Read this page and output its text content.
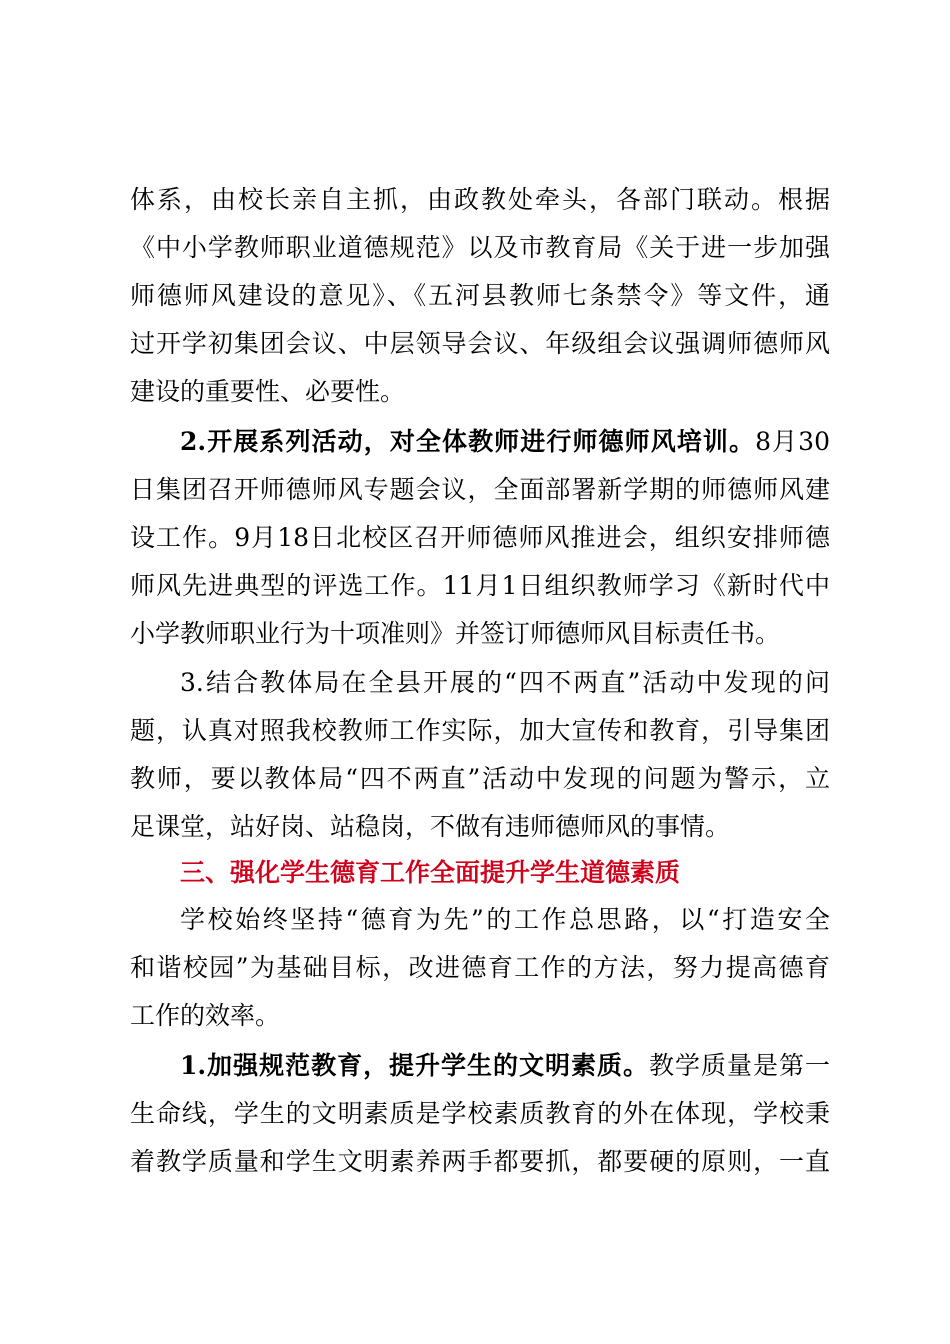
体系，由校长亲自主抓，由政教处牵头，各部门联动。根据
《中小学教师职业道德规范》以及市教育局《关于进一步加强
师德师风建设的意见》、《五河县教师七条禁令》等文件，通
过开学初集团会议、中层领导会议、年级组会议强调师德师风
建设的重要性、必要性。
2.开展系列活动，对全体教师进行师德师风培训。8月30
日集团召开师德师风专题会议，全面部署新学期的师德师风建
设工作。9月18日北校区召开师德师风推进会，组织安排师德
师风先进典型的评选工作。11月1日组织教师学习《新时代中
小学教师职业行为十项准则》并签订师德师风目标责任书。
3.结合教体局在全县开展的“四不两直”活动中发现的问
题，认真对照我校教师工作实际，加大宣传和教育，引导集团
教师，要以教体局“四不两直”活动中发现的问题为警示，立
足课堂，站好岗、站稳岗，不做有违师德师风的事情。
三、强化学生德育工作全面提升学生道德素质
学校始终坚持“德育为先”的工作总思路，以“打造安全
和谐校园”为基础目标，改进德育工作的方法，努力提高德育
工作的效率。
1.加强规范教育，提升学生的文明素质。教学质量是第一
生命线，学生的文明素质是学校素质教育的外在体现，学校秉
着教学质量和学生文明素养两手都要抓，都要硬的原则，一直
